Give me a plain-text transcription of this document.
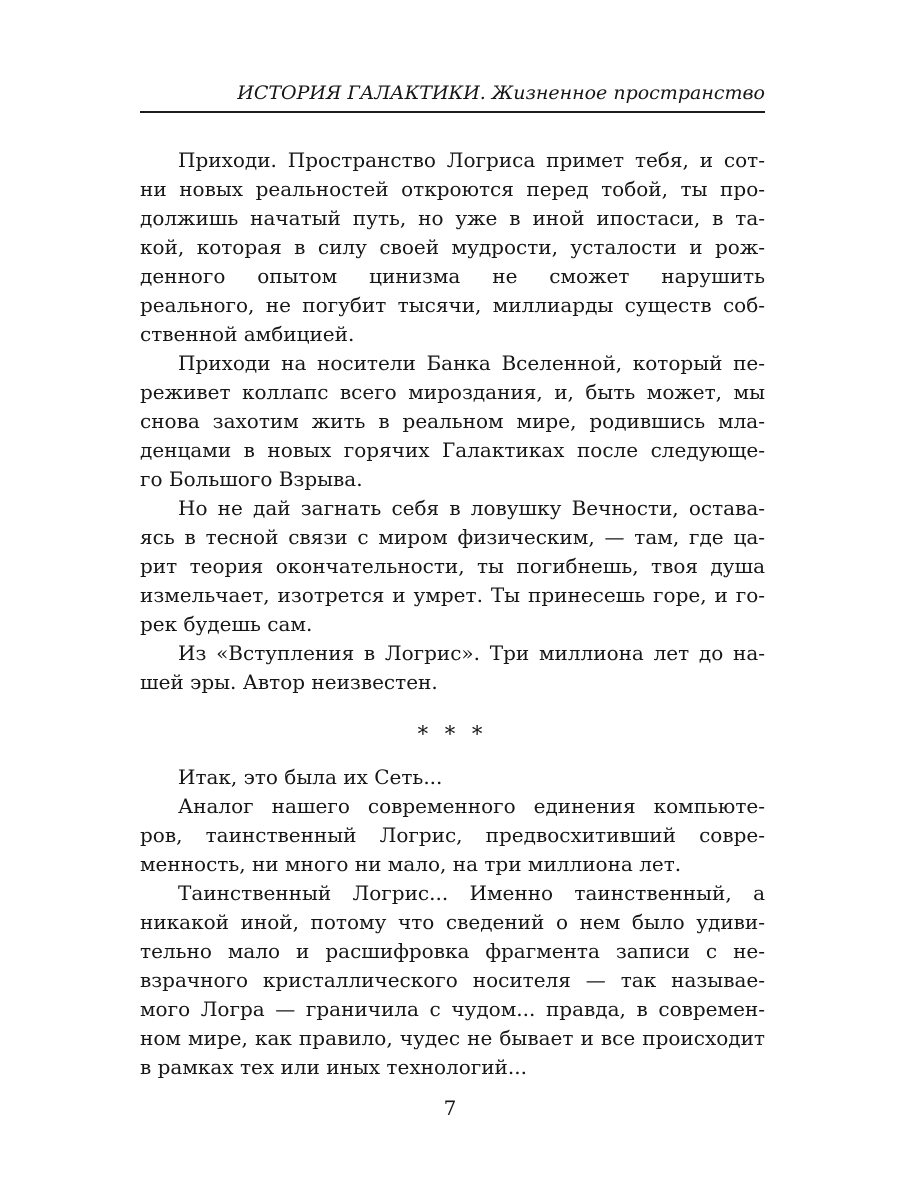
ИСТОРИЯ ГАЛАКТИКИ. Жизненное пространство
Приходи. Пространство Логриса примет тебя, и сот-
ни новых реальностей откроются перед тобой, ты про-
должишь начатый путь, но уже в иной ипостаси, в та-
кой, которая в силу своей мудрости, усталости и рож-
денного опытом цинизма не сможет нарушить
реального, не погубит тысячи, миллиарды существ соб-
ственной амбицией.
Приходи на носители Банка Вселенной, который пе-
реживет коллапс всего мироздания, и, быть может, мы
снова захотим жить в реальном мире, родившись мла-
денцами в новых горячих Галактиках после следующе-
го Большого Взрыва.
Но не дай загнать себя в ловушку Вечности, остава-
ясь в тесной связи с миром физическим, — там, где ца-
рит теория окончательности, ты погибнешь, твоя душа
измельчает, изотрется и умрет. Ты принесешь горе, и го-
рек будешь сам.
Из «Вступления в Логрис». Три миллиона лет до на-
шей эры. Автор неизвестен.
* * *
Итак, это была их Сеть...
Аналог нашего современного единения компьюте-
ров, таинственный Логрис, предвосхитивший совре-
менность, ни много ни мало, на три миллиона лет.
Таинственный Логрис... Именно таинственный, а
никакой иной, потому что сведений о нем было удиви-
тельно мало и расшифровка фрагмента записи с не-
взрачного кристаллического носителя — так называе-
мого Логра — граничила с чудом... правда, в современ-
ном мире, как правило, чудес не бывает и все происходит
в рамках тех или иных технологий...
7
